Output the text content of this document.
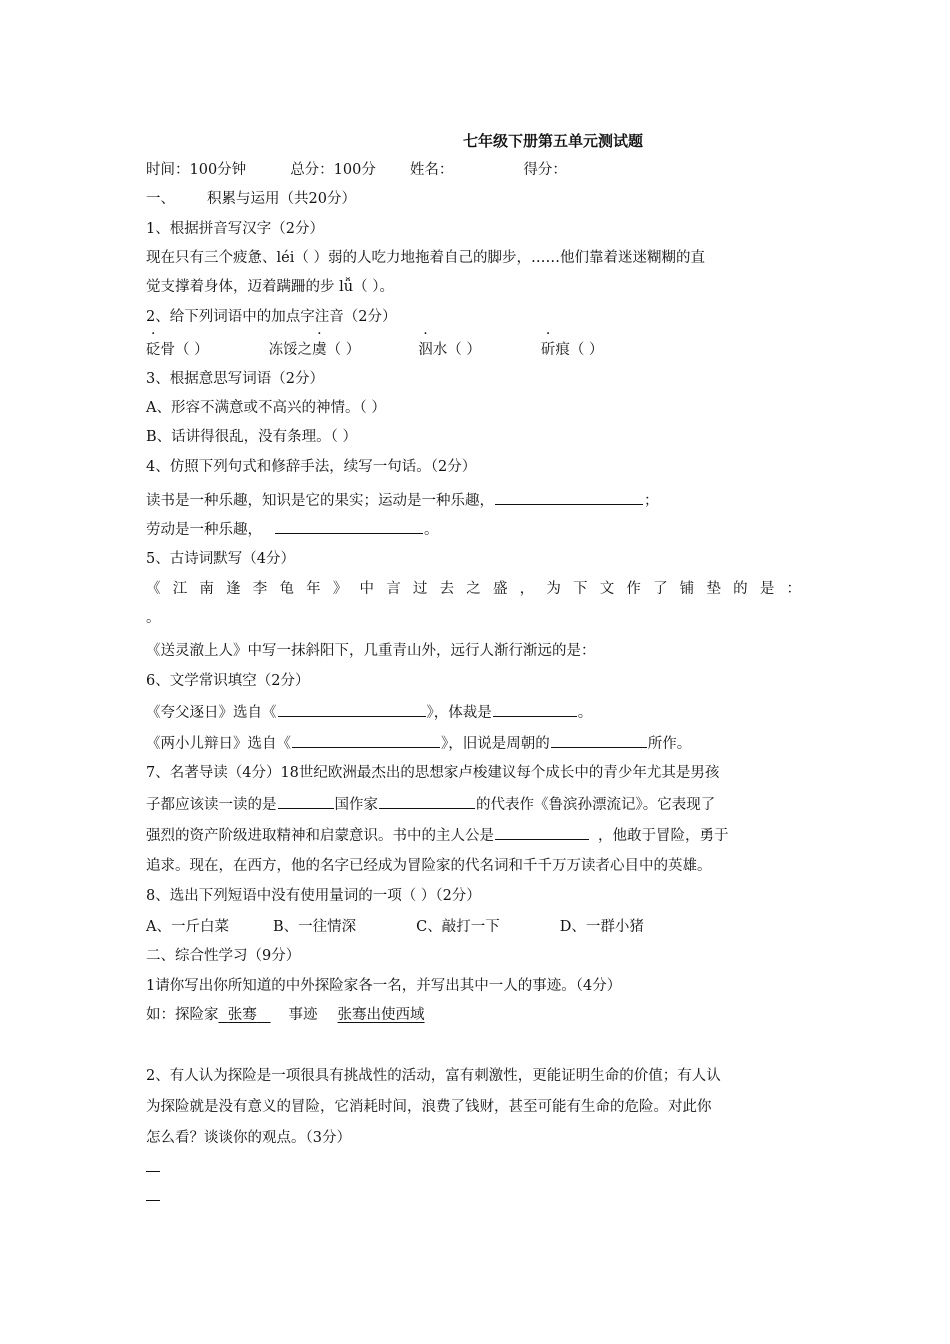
七年级下册第五单元测试题
时间：100分钟	总分：100分 姓名：	得分：
一、 积累与运用（共20分）
1、根据拼音写汉字（2分）
现在只有三个疲惫、léi（ ）弱的人吃力地拖着自己的脚步，……他们靠着迷迷糊糊的直
觉支撑着身体，迈着蹒跚的步 lǚ（ ）。
2、给下列词语中的加点字注音（2分）
砭骨（ ）	冻馁之虞（ ）	泅水（ ）	斫痕（ ）
3、根据意思写词语（2分）
A、形容不满意或不高兴的神情。（ ）
B、话讲得很乱，没有条理。（ ）
4、仿照下列句式和修辞手法，续写一句话。（2分）
读书是一种乐趣，知识是它的果实；运动是一种乐趣，	；
劳动是一种乐趣，	。
5、古诗词默写（4分）
《 江 南 逢 李 龟 年 》 中 言 过 去 之 盛 ， 为 下 文 作 了 铺 垫 的 是 ：
。
《送灵澈上人》中写一抹斜阳下，几重青山外，远行人渐行渐远的是：
6、文学常识填空（2分）
《夸父逐日》选自《	》，体裁是	。
《两小儿辩日》选自《	》，旧说是周朝的	所作。
7、名著导读（4分）18世纪欧洲最杰出的思想家卢梭建议每个成长中的青少年尤其是男孩
子都应该读一读的是	国作家	的代表作《鲁滨孙漂流记》。它表现了
强烈的资产阶级进取精神和启蒙意识。书中的主人公是	，他敢于冒险，勇于
追求。现在，在西方，他的名字已经成为冒险家的代名词和千千万万读者心目中的英雄。
8、选出下列短语中没有使用量词的一项（ ）（2分）
A、一斤白菜	B、一往情深	C、敲打一下	D、一群小猪
二、综合性学习（9分）
1请你写出你所知道的中外探险家各一名，并写出其中一人的事迹。（4分）
如：探险家 张骞 事迹 张骞出使西域
2、有人认为探险是一项很具有挑战性的活动，富有刺激性，更能证明生命的价值；有人认
为探险就是没有意义的冒险，它消耗时间，浪费了钱财，甚至可能有生命的危险。对此你
怎么看？谈谈你的观点。（3分）
